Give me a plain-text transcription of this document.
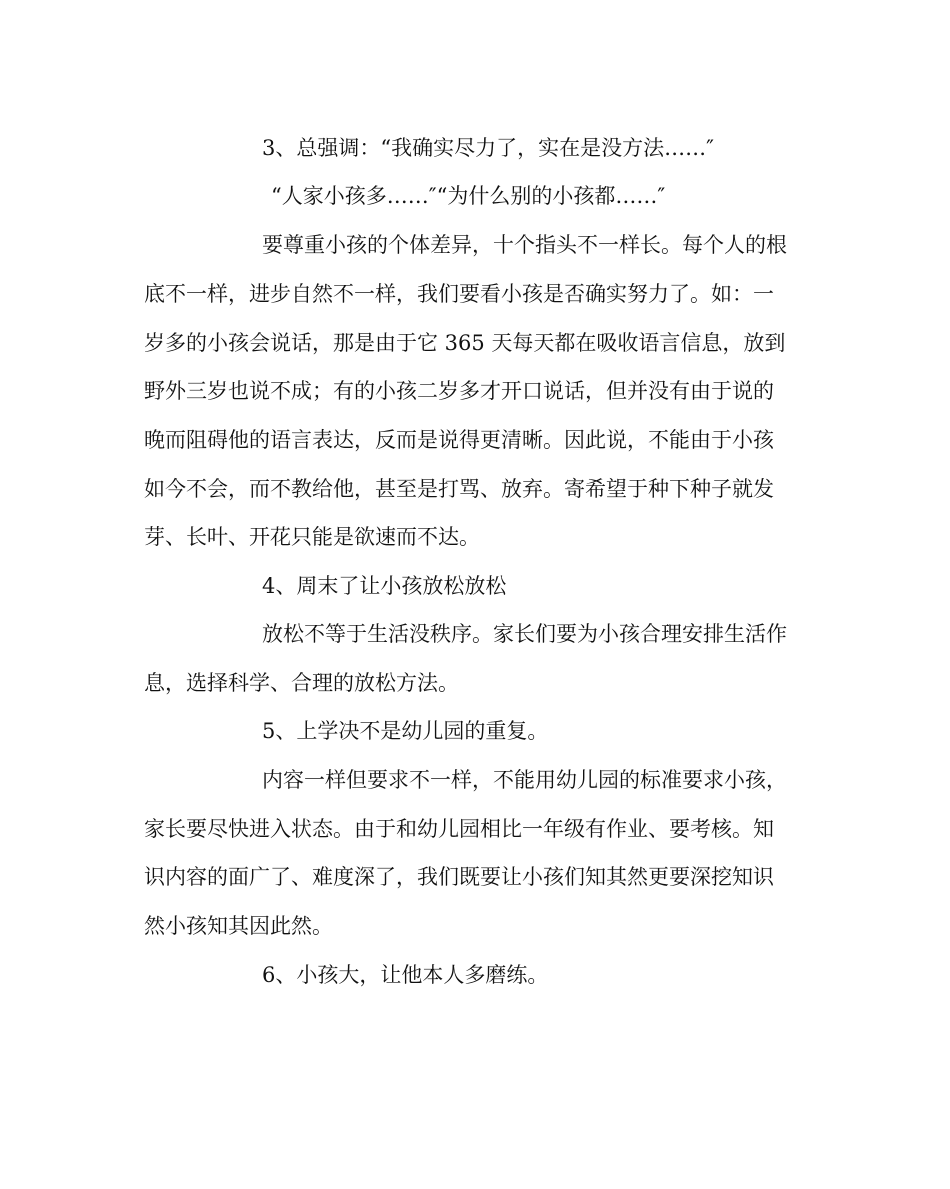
3、总强调：“我确实尽力了，实在是没方法……″
“人家小孩多……″“为什么别的小孩都……″
要尊重小孩的个体差异，十个指头不一样长。每个人的根
底不一样，进步自然不一样，我们要看小孩是否确实努力了。如：一
岁多的小孩会说话，那是由于它 365 天每天都在吸收语言信息，放到
野外三岁也说不成；有的小孩二岁多才开口说话，但并没有由于说的
晚而阻碍他的语言表达，反而是说得更清晰。因此说，不能由于小孩
如今不会，而不教给他，甚至是打骂、放弃。寄希望于种下种子就发
芽、长叶、开花只能是欲速而不达。
4、周末了让小孩放松放松
放松不等于生活没秩序。家长们要为小孩合理安排生活作
息，选择科学、合理的放松方法。
5、上学决不是幼儿园的重复。
内容一样但要求不一样，不能用幼儿园的标准要求小孩，
家长要尽快进入状态。由于和幼儿园相比一年级有作业、要考核。知
识内容的面广了、难度深了，我们既要让小孩们知其然更要深挖知识
然小孩知其因此然。
6、小孩大，让他本人多磨练。
